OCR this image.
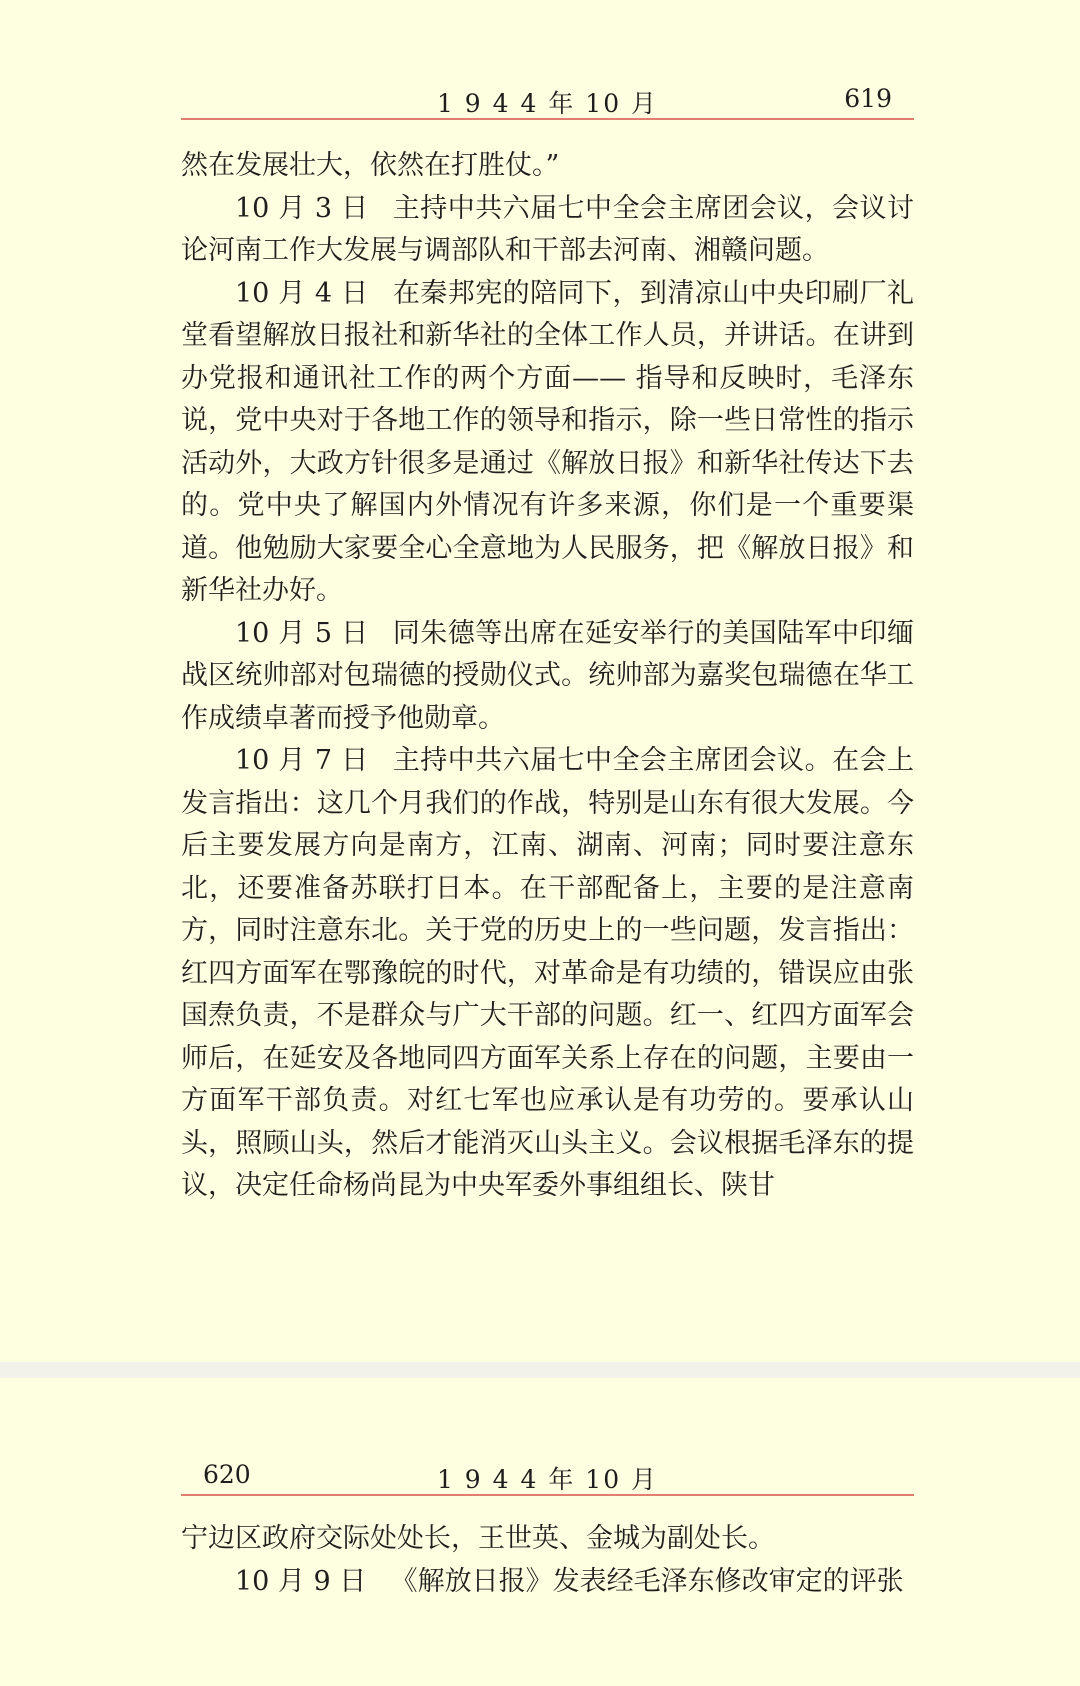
1 9 4 4 年 10 月	619

然在发展壮大，依然在打胜仗。”

10 月 3 日 主持中共六届七中全会主席团会议，会议讨论河南工作大发展与调部队和干部去河南、湘赣问题。

10 月 4 日 在秦邦宪的陪同下，到清凉山中央印刷厂礼堂看望解放日报社和新华社的全体工作人员，并讲话。在讲到办党报和通讯社工作的两个方面—— 指导和反映时，毛泽东说，党中央对于各地工作的领导和指示，除一些日常性的指示活动外，大政方针很多是通过《解放日报》和新华社传达下去的。党中央了解国内外情况有许多来源，你们是一个重要渠道。他勉励大家要全心全意地为人民服务，把《解放日报》和新华社办好。

10 月 5 日 同朱德等出席在延安举行的美国陆军中印缅战区统帅部对包瑞德的授勋仪式。统帅部为嘉奖包瑞德在华工作成绩卓著而授予他勋章。

10 月 7 日 主持中共六届七中全会主席团会议。在会上发言指出：这几个月我们的作战，特别是山东有很大发展。今后主要发展方向是南方，江南、湖南、河南；同时要注意东北，还要准备苏联打日本。在干部配备上，主要的是注意南方，同时注意东北。关于党的历史上的一些问题，发言指出：红四方面军在鄂豫皖的时代，对革命是有功绩的，错误应由张国焘负责，不是群众与广大干部的问题。红一、红四方面军会师后，在延安及各地同四方面军关系上存在的问题，主要由一方面军干部负责。对红七军也应承认是有功劳的。要承认山头，照顾山头，然后才能消灭山头主义。会议根据毛泽东的提议，决定任命杨尚昆为中央军委外事组组长、陕甘

620	1 9 4 4 年 10 月

宁边区政府交际处处长，王世英、金城为副处长。

10 月 9 日 《解放日报》发表经毛泽东修改审定的评张
